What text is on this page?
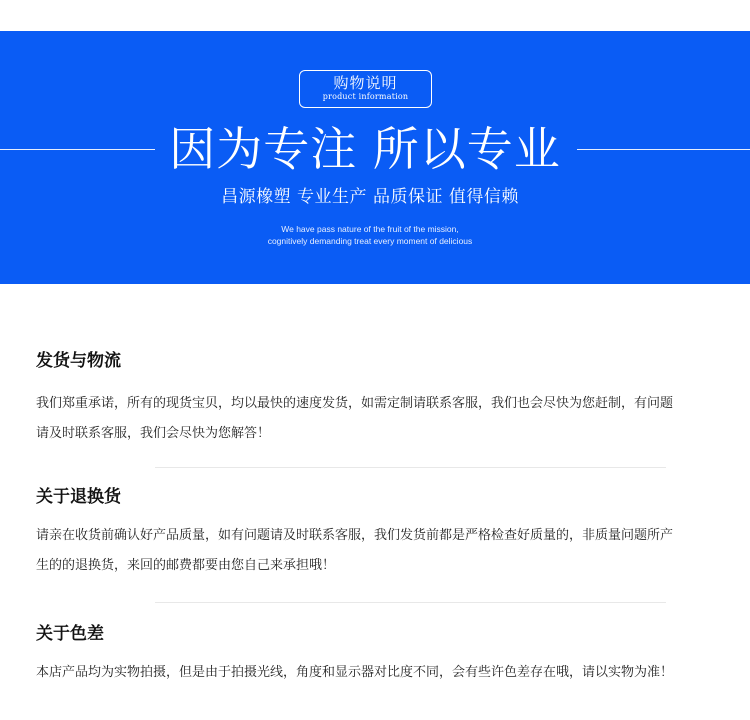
购物说明
product information
因为专注 所以专业
昌源橡塑 专业生产 品质保证 值得信赖
We have pass nature of the fruit of the mission,
cognitively demanding treat every moment of delicious
发货与物流

我们郑重承诺，所有的现货宝贝，均以最快的速度发货，如需定制请联系客服，我们也会尽快为您赶制，有问题

请及时联系客服，我们会尽快为您解答！

关于退换货

请亲在收货前确认好产品质量，如有问题请及时联系客服，我们发货前都是严格检查好质量的，非质量问题所产

生的的退换货，来回的邮费都要由您自己来承担哦！

关于色差

本店产品均为实物拍摄，但是由于拍摄光线，角度和显示器对比度不同，会有些许色差存在哦，请以实物为准！
